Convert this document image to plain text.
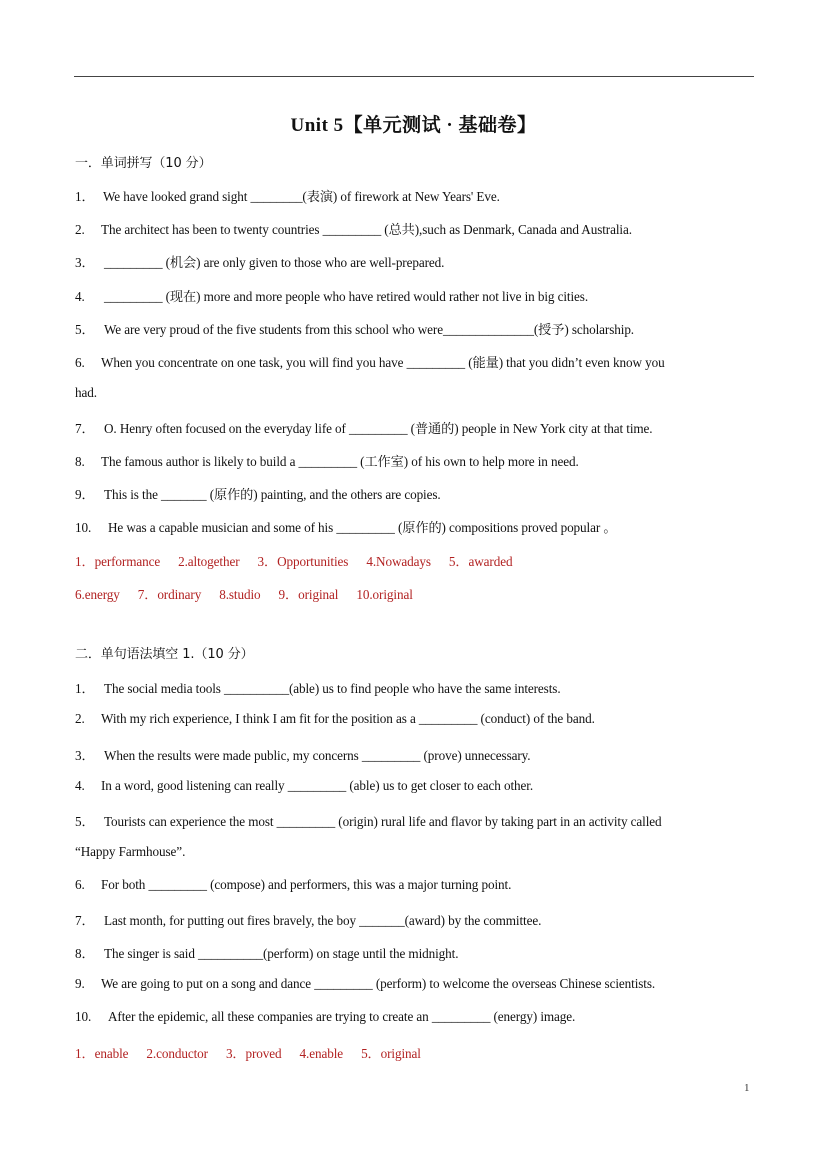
Unit 5【单元测试 · 基础卷】
一．单词拼写（10 分）
1． We have looked grand sight ________(表演) of firework at New Years' Eve.
2. The architect has been to twenty countries _________ (总共),such as Denmark, Canada and Australia.
3． _________ (机会) are only given to those who are well-prepared.
4. _________ (现在) more and more people who have retired would rather not live in big cities.
5． We are very proud of the five students from this school who were______________(授予) scholarship.
6. When you concentrate on one task, you will find you have _________ (能量) that you didn’t even know you
had.
7． O. Henry often focused on the everyday life of _________ (普通的) people in New York city at that time.
8. The famous author is likely to build a _________ (工作室) of his own to help more in need.
9． This is the _______ (原作的) painting, and the others are copies.
10. He was a capable musician and some of his _________ (原作的) compositions proved popular 。
1．performance 2.altogether 3．Opportunities 4.Nowadays 5．awarded
6.energy 7．ordinary 8.studio 9．original 10.original
二．单句语法填空 1.（10 分）
1． The social media tools __________(able) us to find people who have the same interests.
2. With my rich experience, I think I am fit for the position as a _________ (conduct) of the band.
3． When the results were made public, my concerns _________ (prove) unnecessary.
4. In a word, good listening can really _________ (able) us to get closer to each other.
5． Tourists can experience the most _________ (origin) rural life and flavor by taking part in an activity called
“Happy Farmhouse”.
6. For both _________ (compose) and performers, this was a major turning point.
7． Last month, for putting out fires bravely, the boy _______(award) by the committee.
8． The singer is said __________(perform) on stage until the midnight.
9. We are going to put on a song and dance _________ (perform) to welcome the overseas Chinese scientists.
10. After the epidemic, all these companies are trying to create an _________ (energy) image.
1．enable 2.conductor 3．proved 4.enable 5．original
1
